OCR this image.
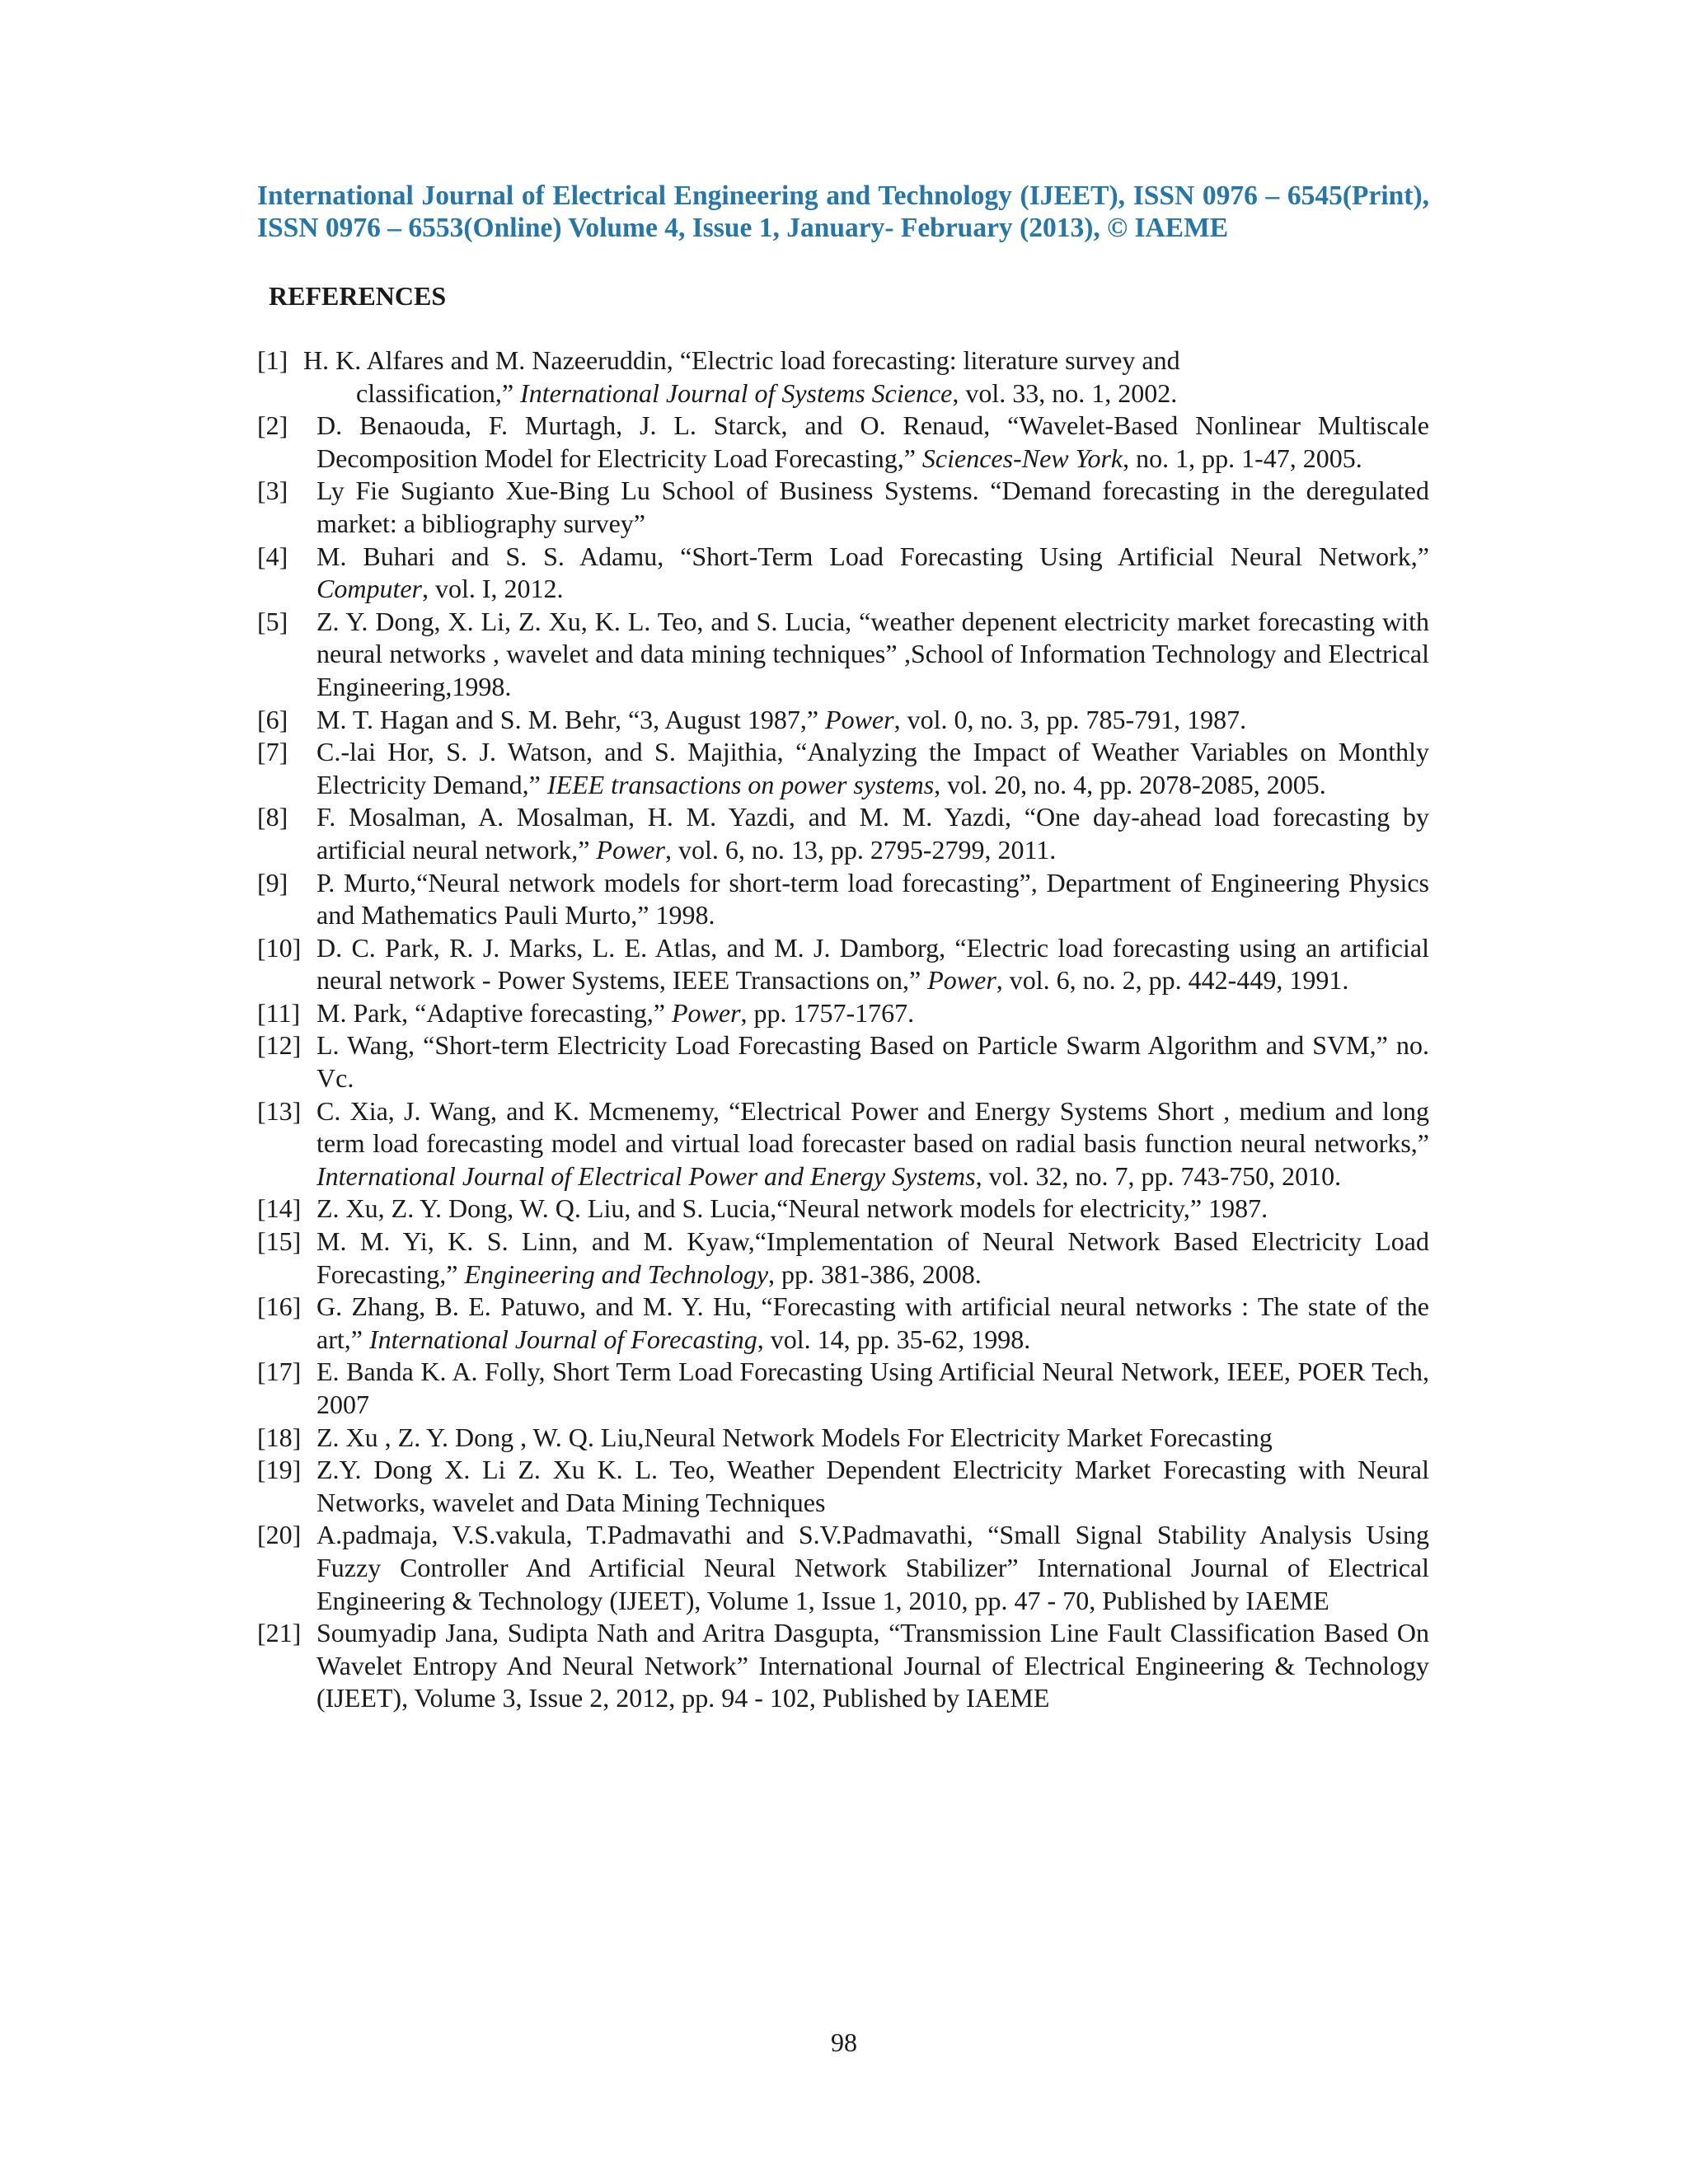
International Journal of Electrical Engineering and Technology (IJEET), ISSN 0976 – 6545(Print), ISSN 0976 – 6553(Online) Volume 4, Issue 1, January- February (2013), © IAEME
REFERENCES
[1] H. K. Alfares and M. Nazeeruddin, “Electric load forecasting: literature survey and
classification,” International Journal of Systems Science, vol. 33, no. 1, 2002.
[2]	D. Benaouda, F. Murtagh, J. L. Starck, and O. Renaud, “Wavelet-Based Nonlinear Multiscale Decomposition Model for Electricity Load Forecasting,” Sciences-New York, no. 1, pp. 1-47, 2005.
[3]	Ly Fie Sugianto Xue-Bing Lu School of Business Systems. “Demand forecasting in the deregulated market: a bibliography survey”
[4]	M. Buhari and S. S. Adamu, “Short-Term Load Forecasting Using Artificial Neural Network,” Computer, vol. I, 2012.
[5]	Z. Y. Dong, X. Li, Z. Xu, K. L. Teo, and S. Lucia, “weather depenent electricity market forecasting with neural networks , wavelet and data mining techniques” ,School of Information Technology and Electrical Engineering,1998.
[6]	M. T. Hagan and S. M. Behr, “3, August 1987,” Power, vol. 0, no. 3, pp. 785-791, 1987.
[7]	C.-lai Hor, S. J. Watson, and S. Majithia, “Analyzing the Impact of Weather Variables on Monthly Electricity Demand,” IEEE transactions on power systems, vol. 20, no. 4, pp. 2078-2085, 2005.
[8]	F. Mosalman, A. Mosalman, H. M. Yazdi, and M. M. Yazdi, “One day-ahead load forecasting by artificial neural network,” Power, vol. 6, no. 13, pp. 2795-2799, 2011.
[9]	P. Murto,“Neural network models for short-term load forecasting”, Department of Engineering Physics and Mathematics Pauli Murto,” 1998.
[10] D. C. Park, R. J. Marks, L. E. Atlas, and M. J. Damborg, “Electric load forecasting using an artificial neural network - Power Systems, IEEE Transactions on,” Power, vol. 6, no. 2, pp. 442-449, 1991.
[11] M. Park, “Adaptive forecasting,” Power, pp. 1757-1767.
[12] L. Wang, “Short-term Electricity Load Forecasting Based on Particle Swarm Algorithm and SVM,” no. Vc.
[13] C. Xia, J. Wang, and K. Mcmenemy, “Electrical Power and Energy Systems Short , medium and long term load forecasting model and virtual load forecaster based on radial basis function neural networks,” International Journal of Electrical Power and Energy Systems, vol. 32, no. 7, pp. 743-750, 2010.
[14] Z. Xu, Z. Y. Dong, W. Q. Liu, and S. Lucia,“Neural network models for electricity,” 1987.
[15] M. M. Yi, K. S. Linn, and M. Kyaw,“Implementation of Neural Network Based Electricity Load Forecasting,” Engineering and Technology, pp. 381-386, 2008.
[16] G. Zhang, B. E. Patuwo, and M. Y. Hu, “Forecasting with artificial neural networks : The state of the art,” International Journal of Forecasting, vol. 14, pp. 35-62, 1998.
[17] E. Banda K. A. Folly, Short Term Load Forecasting Using Artificial Neural Network, IEEE, POER Tech, 2007
[18] Z. Xu , Z. Y. Dong , W. Q. Liu,Neural Network Models For Electricity Market Forecasting
[19] Z.Y. Dong X. Li Z. Xu K. L. Teo, Weather Dependent Electricity Market Forecasting with Neural Networks, wavelet and Data Mining Techniques
[20] A.padmaja, V.S.vakula, T.Padmavathi and S.V.Padmavathi, “Small Signal Stability Analysis Using Fuzzy Controller And Artificial Neural Network Stabilizer” International Journal of Electrical Engineering & Technology (IJEET), Volume 1, Issue 1, 2010, pp. 47 - 70, Published by IAEME
[21] Soumyadip Jana, Sudipta Nath and Aritra Dasgupta, “Transmission Line Fault Classification Based On Wavelet Entropy And Neural Network” International Journal of Electrical Engineering & Technology (IJEET), Volume 3, Issue 2, 2012, pp. 94 - 102, Published by IAEME
98
